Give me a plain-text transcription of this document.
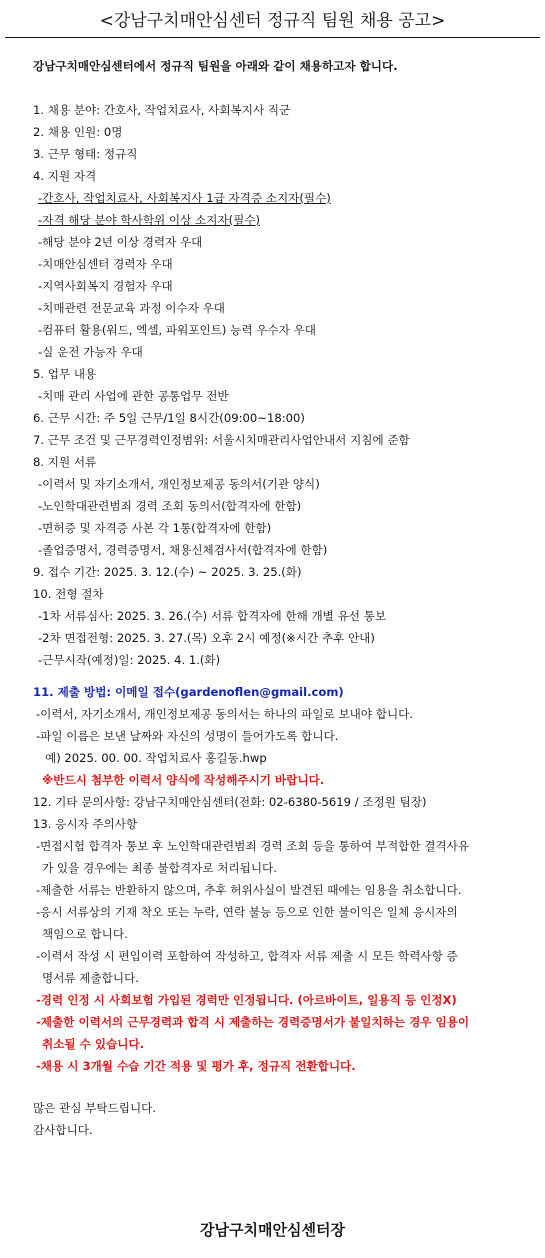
<강남구치매안심센터 정규직 팀원 채용 공고>
강남구치매안심센터에서 정규직 팀원을 아래와 같이 채용하고자 합니다.
1. 채용 분야: 간호사, 작업치료사, 사회복지사 직군
2. 채용 인원: 0명
3. 근무 형태: 정규직
4. 지원 자격
-간호사, 작업치료사, 사회복지사 1급 자격증 소지자(필수)
-자격 해당 분야 학사학위 이상 소지자(필수)
-해당 분야 2년 이상 경력자 우대
-치매안심센터 경력자 우대
-지역사회복지 경험자 우대
-치매관련 전문교육 과정 이수자 우대
-컴퓨터 활용(워드, 엑셀, 파워포인트) 능력 우수자 우대
-실 운전 가능자 우대
5. 업무 내용
-치매 관리 사업에 관한 공통업무 전반
6. 근무 시간: 주 5일 근무/1일 8시간(09:00~18:00)
7. 근무 조건 및 근무경력인정범위: 서울시치매관리사업안내서 지침에 준함
8. 지원 서류
-이력서 및 자기소개서, 개인정보제공 동의서(기관 양식)
-노인학대관련범죄 경력 조회 동의서(합격자에 한함)
-면허증 및 자격증 사본 각 1통(합격자에 한함)
-졸업증명서, 경력증명서, 채용신체검사서(합격자에 한함)
9. 접수 기간: 2025. 3. 12.(수) ~ 2025. 3. 25.(화)
10. 전형 절차
-1차 서류심사: 2025. 3. 26.(수) 서류 합격자에 한해 개별 유선 통보
-2차 면접전형: 2025. 3. 27.(목) 오후 2시 예정(※시간 추후 안내)
-근무시작(예정)일: 2025. 4. 1.(화)
11. 제출 방법: 이메일 접수(gardenoflen@gmail.com)
-이력서, 자기소개서, 개인정보제공 동의서는 하나의 파일로 보내야 합니다.
-파일 이름은 보낸 날짜와 자신의 성명이 들어가도록 합니다.
예) 2025. 00. 00. 작업치료사 홍길동.hwp
※반드시 첨부한 이력서 양식에 작성해주시기 바랍니다.
12. 기타 문의사항: 강남구치매안심센터(전화: 02-6380-5619 / 조정원 팀장)
13. 응시자 주의사항
-면접시험 합격자 통보 후 노인학대관련범죄 경력 조회 등을 통하여 부적합한 결격사유
가 있을 경우에는 최종 불합격자로 처리됩니다.
-제출한 서류는 반환하지 않으며, 추후 허위사실이 발견된 때에는 임용을 취소합니다.
-응시 서류상의 기재 착오 또는 누락, 연락 불능 등으로 인한 불이익은 일체 응시자의
책임으로 합니다.
-이력서 작성 시 편입이력 포함하여 작성하고, 합격자 서류 제출 시 모든 학력사항 증
명서류 제출합니다.
-경력 인정 시 사회보험 가입된 경력만 인정됩니다. (아르바이트, 일용직 등 인정X)
-제출한 이력서의 근무경력과 합격 시 제출하는 경력증명서가 불일치하는 경우 임용이
취소될 수 있습니다.
-채용 시 3개월 수습 기간 적용 및 평가 후, 정규직 전환합니다.
많은 관심 부탁드립니다.
감사합니다.
강남구치매안심센터장
